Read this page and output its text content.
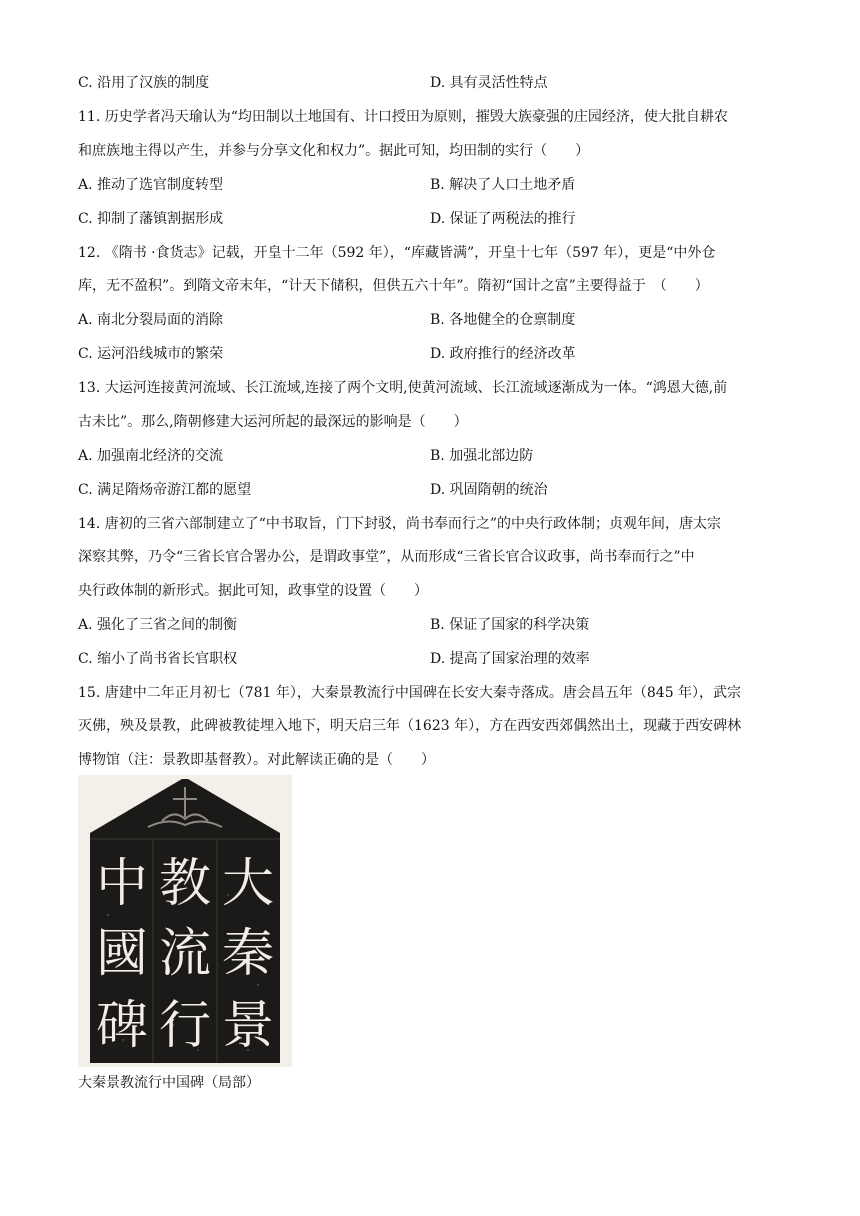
C. 沿用了汉族的制度	D. 具有灵活性特点
11. 历史学者冯天瑜认为“均田制以土地国有、计口授田为原则，摧毁大族豪强的庄园经济，使大批自耕农
和庶族地主得以产生，并参与分享文化和权力”。据此可知，均田制的实行（　　）
A. 推动了选官制度转型	B. 解决了人口土地矛盾
C. 抑制了藩镇割据形成	D. 保证了两税法的推行
12. 《隋书 ·食货志》记载，开皇十二年（592 年），“库藏皆满”，开皇十七年（597 年），更是“中外仓
库，无不盈积”。到隋文帝末年，“计天下储积，但供五六十年”。隋初“国计之富”主要得益于　（　　）
A. 南北分裂局面的消除	B. 各地健全的仓禀制度
C. 运河沿线城市的繁荣	D. 政府推行的经济改革
13. 大运河连接黄河流域、长江流域,连接了两个文明,使黄河流域、长江流域逐渐成为一体。“鸿恩大德,前
古未比”。那么,隋朝修建大运河所起的最深远的影响是（　　）
A. 加强南北经济的交流	B. 加强北部边防
C. 满足隋炀帝游江都的愿望	D. 巩固隋朝的统治
14. 唐初的三省六部制建立了“中书取旨，门下封驳，尚书奉而行之”的中央行政体制；贞观年间，唐太宗
深察其弊，乃令“三省长官合署办公，是谓政事堂”，从而形成“三省长官合议政事，尚书奉而行之”中
央行政体制的新形式。据此可知，政事堂的设置（　　）
A. 强化了三省之间的制衡	B. 保证了国家的科学决策
C. 缩小了尚书省长官职权	D. 提高了国家治理的效率
15. 唐建中二年正月初七（781 年），大秦景教流行中国碑在长安大秦寺落成。唐会昌五年（845 年），武宗
灭佛，殃及景教，此碑被教徒埋入地下，明天启三年（1623 年），方在西安西郊偶然出土，现藏于西安碑林
博物馆（注：景教即基督教）。对此解读正确的是（　　）
大
秦
景
教
流
行
中
國
碑
大秦景教流行中国碑（局部）
